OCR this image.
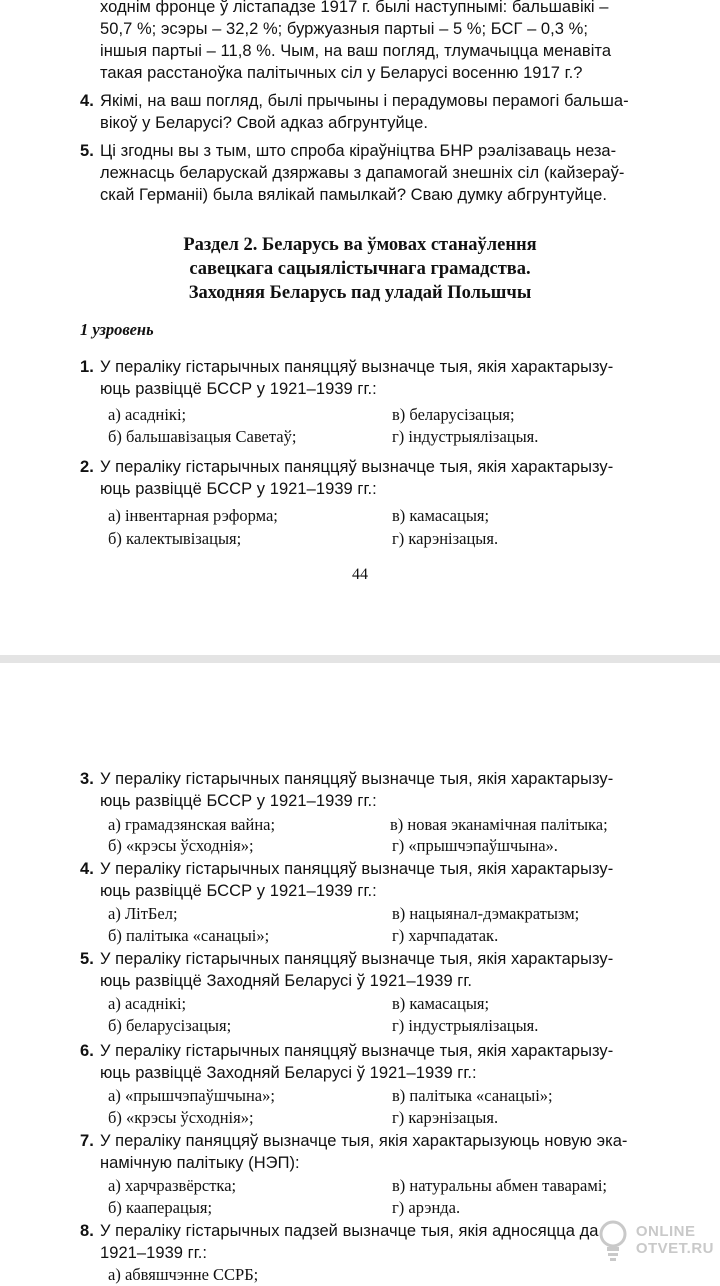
ходнім фронце ў лістападзе 1917 г. былі наступнымі: бальшавікі –
50,7 %; эсэры – 32,2 %; буржуазныя партыі – 5 %; БСГ – 0,3 %;
іншыя партыі – 11,8 %. Чым, на ваш погляд, тлумачыцца менавіта
такая расстаноўка палітычных сіл у Беларусі восенню 1917 г.?
4. Якімі, на ваш погляд, былі прычыны і перадумовы перамогі бальша-
вікоў у Беларусі? Свой адказ абгрунтуйце.
5. Ці згодны вы з тым, што спроба кіраўніцтва БНР рэалізаваць неза-
лежнасць беларускай дзяржавы з дапамогай знешніх сіл (кайзераў-
скай Германіі) была вялікай памылкай? Сваю думку абгрунтуйце.
Раздел 2. Беларусь ва ўмовах станаўлення
савецкага сацыялістычнага грамадства.
Заходняя Беларусь пад уладай Польшчы
1 узровень
1. У пераліку гістарычных паняццяў вызначце тыя, якія характарызу-
юць развіццё БССР у 1921–1939 гг.:
а) асаднікі;	в) беларусізацыя;
б) бальшавізацыя Саветаў;	г) індустрыялізацыя.
2. У пераліку гістарычных паняццяў вызначце тыя, якія характарызу-
юць развіццё БССР у 1921–1939 гг.:
а) інвентарная рэформа;	в) камасацыя;
б) калектывізацыя;	г) карэнізацыя.
44
3. У пераліку гістарычных паняццяў вызначце тыя, якія характарызу-
юць развіццё БССР у 1921–1939 гг.:
а) грамадзянская вайна;	в) новая эканамічная палітыка;
б) «крэсы ўсходнія»;	г) «прышчэпаўшчына».
4. У пераліку гістарычных паняццяў вызначце тыя, якія характарызу-
юць развіццё БССР у 1921–1939 гг.:
а) ЛітБел;	в) нацыянал-дэмакратызм;
б) палітыка «санацыі»;	г) харчпадатак.
5. У пераліку гістарычных паняццяў вызначце тыя, якія характарызу-
юць развіццё Заходняй Беларусі ў 1921–1939 гг.
а) асаднікі;	в) камасацыя;
б) беларусізацыя;	г) індустрыялізацыя.
6. У пераліку гістарычных паняццяў вызначце тыя, якія характарызу-
юць развіццё Заходняй Беларусі ў 1921–1939 гг.:
а) «прышчэпаўшчына»;	в) палітыка «санацыі»;
б) «крэсы ўсходнія»;	г) карэнізацыя.
7. У пераліку паняццяў вызначце тыя, якія характарызуюць новую эка-
намічную палітыку (НЭП):
а) харчразвёрстка;	в) натуральны абмен таварамі;
б) кааперацыя;	г) арэнда.
8. У пераліку гістарычных падзей вызначце тыя, якія адносяцца да
1921–1939 гг.:
а) абвяшчэнне ССРБ;
ONLINE
OTVET.RU
